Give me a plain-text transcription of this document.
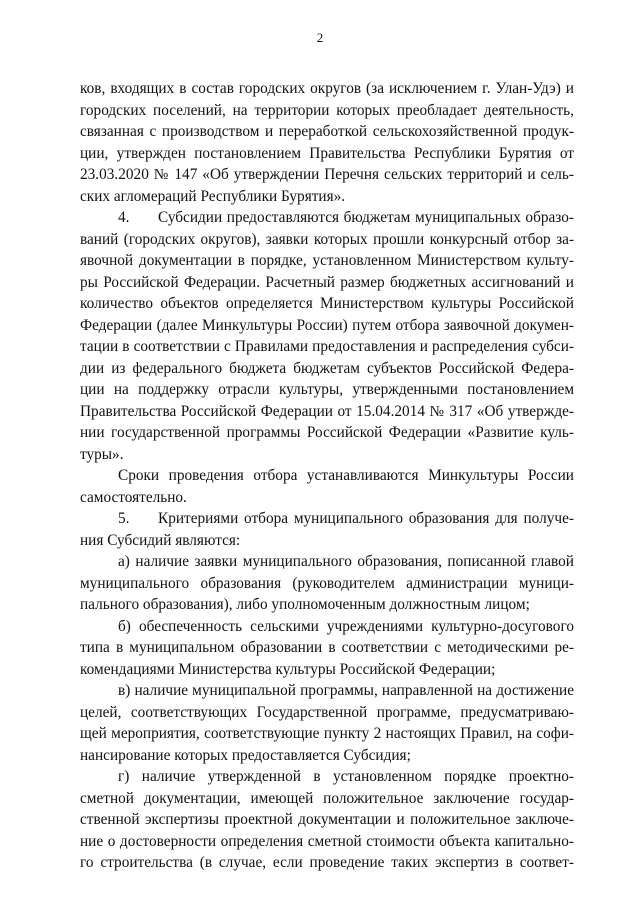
2
ков, входящих в состав городских округов (за исключением г. Улан-Удэ) и
городских поселений, на территории которых преобладает деятельность,
связанная с производством и переработкой сельскохозяйственной продук-
ции, утвержден постановлением Правительства Республики Бурятия от
23.03.2020 № 147 «Об утверждении Перечня сельских территорий и сель-
ских агломераций Республики Бурятия».
4. Субсидии предоставляются бюджетам муниципальных образо-
ваний (городских округов), заявки которых прошли конкурсный отбор за-
явочной документации в порядке, установленном Министерством культу-
ры Российской Федерации. Расчетный размер бюджетных ассигнований и
количество объектов определяется Министерством культуры Российской
Федерации (далее Минкультуры России) путем отбора заявочной докумен-
тации в соответствии с Правилами предоставления и распределения субси-
дии из федерального бюджета бюджетам субъектов Российской Федера-
ции на поддержку отрасли культуры, утвержденными постановлением
Правительства Российской Федерации от 15.04.2014 № 317 «Об утвержде-
нии государственной программы Российской Федерации «Развитие куль-
туры».
Сроки проведения отбора устанавливаются Минкультуры России
самостоятельно.
5. Критериями отбора муниципального образования для получе-
ния Субсидий являются:
а) наличие заявки муниципального образования, пописанной главой
муниципального образования (руководителем администрации муници-
пального образования), либо уполномоченным должностным лицом;
б) обеспеченность сельскими учреждениями культурно-досугового
типа в муниципальном образовании в соответствии с методическими ре-
комендациями Министерства культуры Российской Федерации;
в) наличие муниципальной программы, направленной на достижение
целей, соответствующих Государственной программе, предусматриваю-
щей мероприятия, соответствующие пункту 2 настоящих Правил, на софи-
нансирование которых предоставляется Субсидия;
г) наличие утвержденной в установленном порядке проектно-
сметной документации, имеющей положительное заключение государ-
ственной экспертизы проектной документации и положительное заключе-
ние о достоверности определения сметной стоимости объекта капитально-
го строительства (в случае, если проведение таких экспертиз в соответ-
